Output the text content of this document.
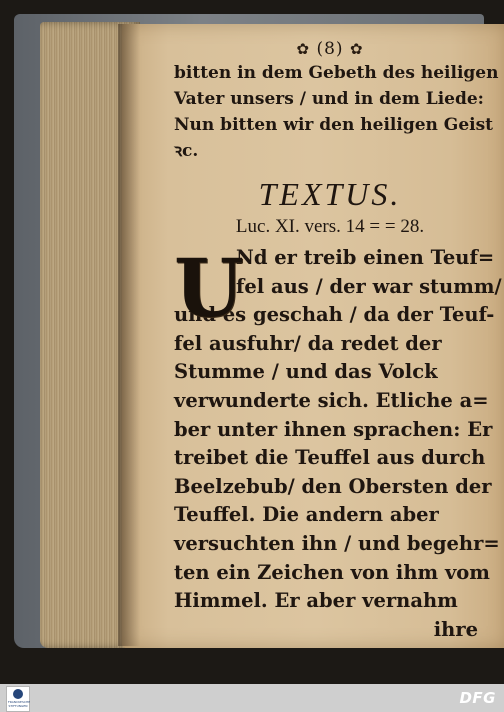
✿ (8) ✿

bitten in dem Gebeth des heiligen
Vater unsers / und in dem Liede:
Nun bitten wir den heiligen Geist
ꝛc.

TEXTUS.
Luc. XI. vers. 14 = = 28.
U
Nd er treib einen Teuf=
fel aus / der war stumm/
und es geschah / da der Teuf-
fel ausfuhr/ da redet der
Stumme / und das Volck
verwunderte sich. Etliche a=
ber unter ihnen sprachen: Er
treibet die Teuffel aus durch
Beelzebub/ den Obersten der
Teuffel. Die andern aber
versuchten ihn / und begehr=
ten ein Zeichen von ihm vom
Himmel. Er aber vernahm
ihre
FRANCKESCHE STIFTUNGEN	DFG
